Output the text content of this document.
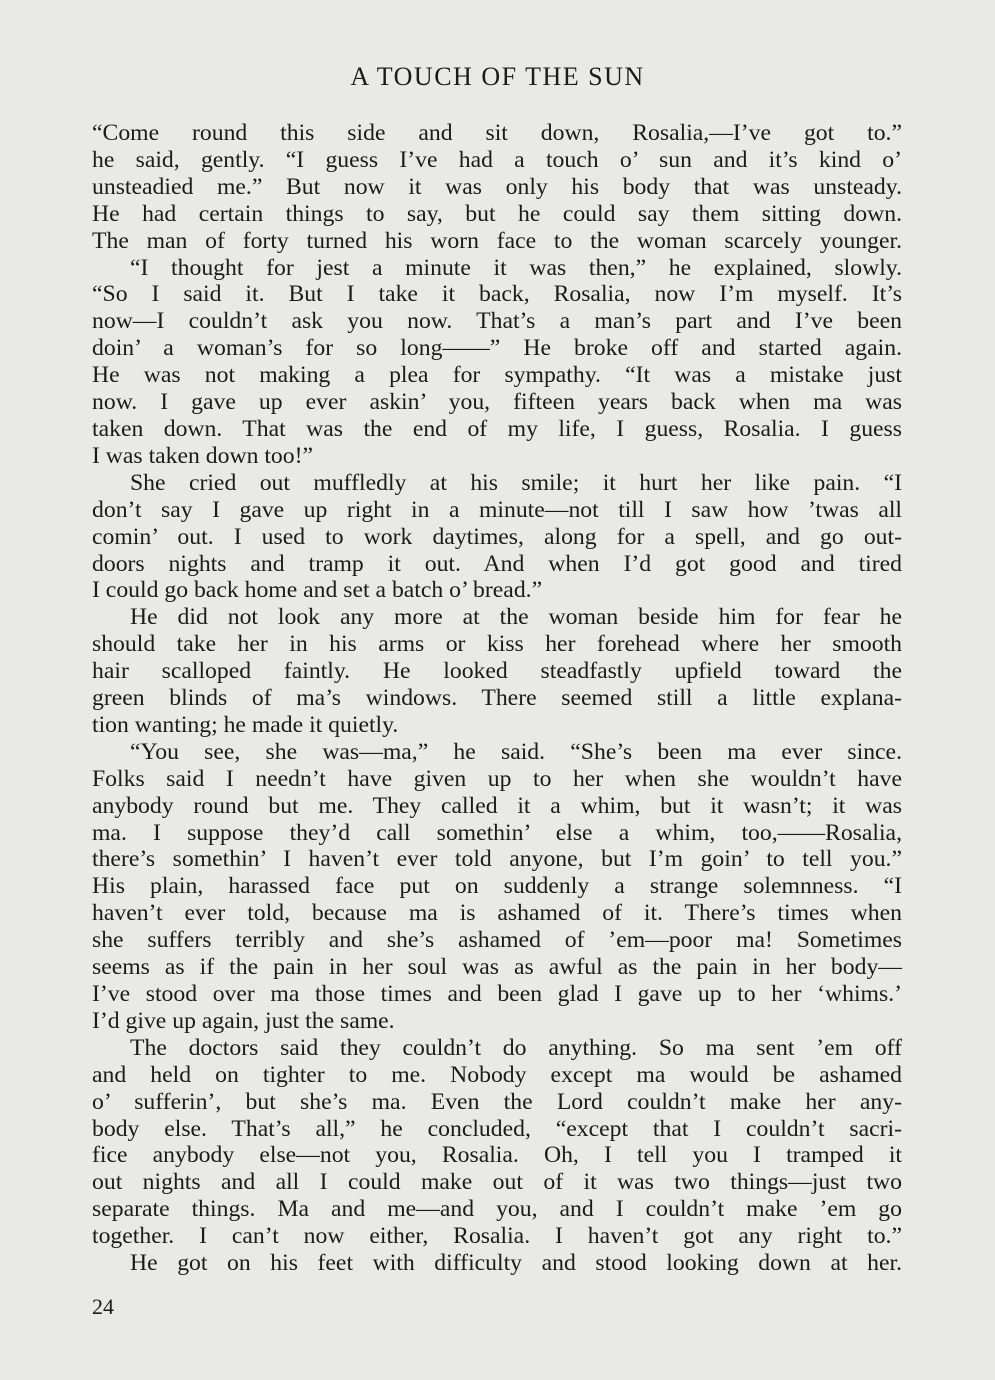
A TOUCH OF THE SUN
“Come round this side and sit down, Rosalia,—I’ve got to.”
he said, gently. “I guess I’ve had a touch o’ sun and it’s kind o’
unsteadied me.” But now it was only his body that was unsteady.
He had certain things to say, but he could say them sitting down.
The man of forty turned his worn face to the woman scarcely younger.
“I thought for jest a minute it was then,” he explained, slowly.
“So I said it. But I take it back, Rosalia, now I’m myself. It’s
now—I couldn’t ask you now. That’s a man’s part and I’ve been
doin’ a woman’s for so long——” He broke off and started again.
He was not making a plea for sympathy. “It was a mistake just
now. I gave up ever askin’ you, fifteen years back when ma was
taken down. That was the end of my life, I guess, Rosalia. I guess
I was taken down too!”
She cried out muffledly at his smile; it hurt her like pain. “I
don’t say I gave up right in a minute—not till I saw how ’twas all
comin’ out. I used to work daytimes, along for a spell, and go out-
doors nights and tramp it out. And when I’d got good and tired
I could go back home and set a batch o’ bread.”
He did not look any more at the woman beside him for fear he
should take her in his arms or kiss her forehead where her smooth
hair scalloped faintly. He looked steadfastly upfield toward the
green blinds of ma’s windows. There seemed still a little explana-
tion wanting; he made it quietly.
“You see, she was—ma,” he said. “She’s been ma ever since.
Folks said I needn’t have given up to her when she wouldn’t have
anybody round but me. They called it a whim, but it wasn’t; it was
ma. I suppose they’d call somethin’ else a whim, too,——Rosalia,
there’s somethin’ I haven’t ever told anyone, but I’m goin’ to tell you.”
His plain, harassed face put on suddenly a strange solemnness. “I
haven’t ever told, because ma is ashamed of it. There’s times when
she suffers terribly and she’s ashamed of ’em—poor ma! Sometimes
seems as if the pain in her soul was as awful as the pain in her body—
I’ve stood over ma those times and been glad I gave up to her ‘whims.’
I’d give up again, just the same.
The doctors said they couldn’t do anything. So ma sent ’em off
and held on tighter to me. Nobody except ma would be ashamed
o’ sufferin’, but she’s ma. Even the Lord couldn’t make her any-
body else. That’s all,” he concluded, “except that I couldn’t sacri-
fice anybody else—not you, Rosalia. Oh, I tell you I tramped it
out nights and all I could make out of it was two things—just two
separate things. Ma and me—and you, and I couldn’t make ’em go
together. I can’t now either, Rosalia. I haven’t got any right to.”
He got on his feet with difficulty and stood looking down at her.
24
